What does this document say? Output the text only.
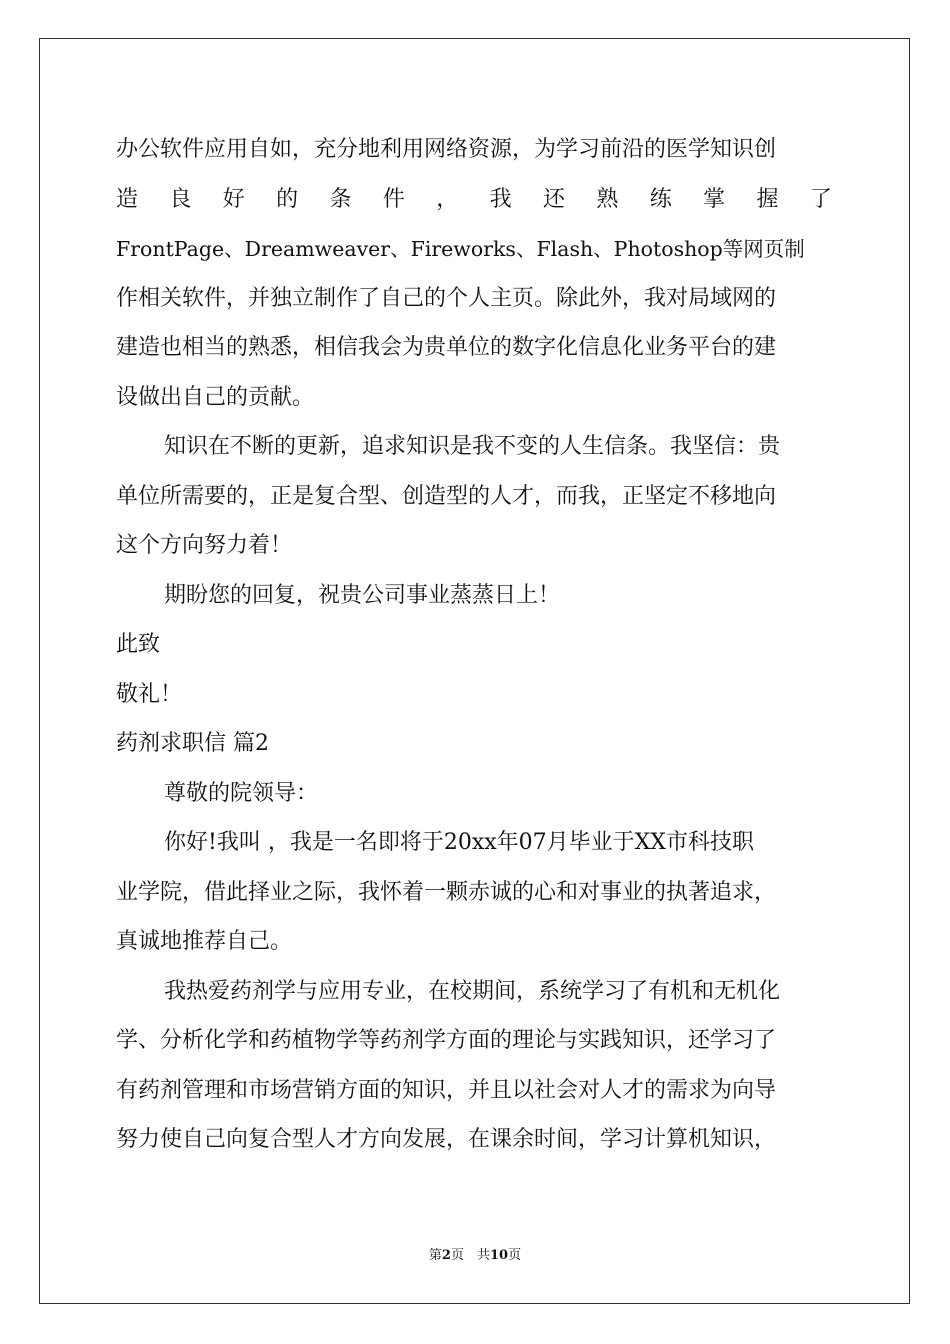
办公软件应用自如，充分地利用网络资源，为学习前沿的医学知识创
造 良 好 的 条 件 ， 我 还 熟 练 掌 握 了
FrontPage、Dreamweaver、Fireworks、Flash、Photoshop等网页制
作相关软件，并独立制作了自己的个人主页。除此外，我对局域网的
建造也相当的熟悉，相信我会为贵单位的数字化信息化业务平台的建
设做出自己的贡献。
知识在不断的更新，追求知识是我不变的人生信条。我坚信：贵
单位所需要的，正是复合型、创造型的人才，而我，正坚定不移地向
这个方向努力着！
期盼您的回复，祝贵公司事业蒸蒸日上！
此致
敬礼！
药剂求职信 篇2
尊敬的院领导：
你好!我叫 ，我是一名即将于20xx年07月毕业于XX市科技职
业学院，借此择业之际，我怀着一颗赤诚的心和对事业的执著追求，
真诚地推荐自己。
我热爱药剂学与应用专业，在校期间，系统学习了有机和无机化
学、分析化学和药植物学等药剂学方面的理论与实践知识，还学习了
有药剂管理和市场营销方面的知识，并且以社会对人才的需求为向导
努力使自己向复合型人才方向发展，在课余时间，学习计算机知识，
第2页　共10页
